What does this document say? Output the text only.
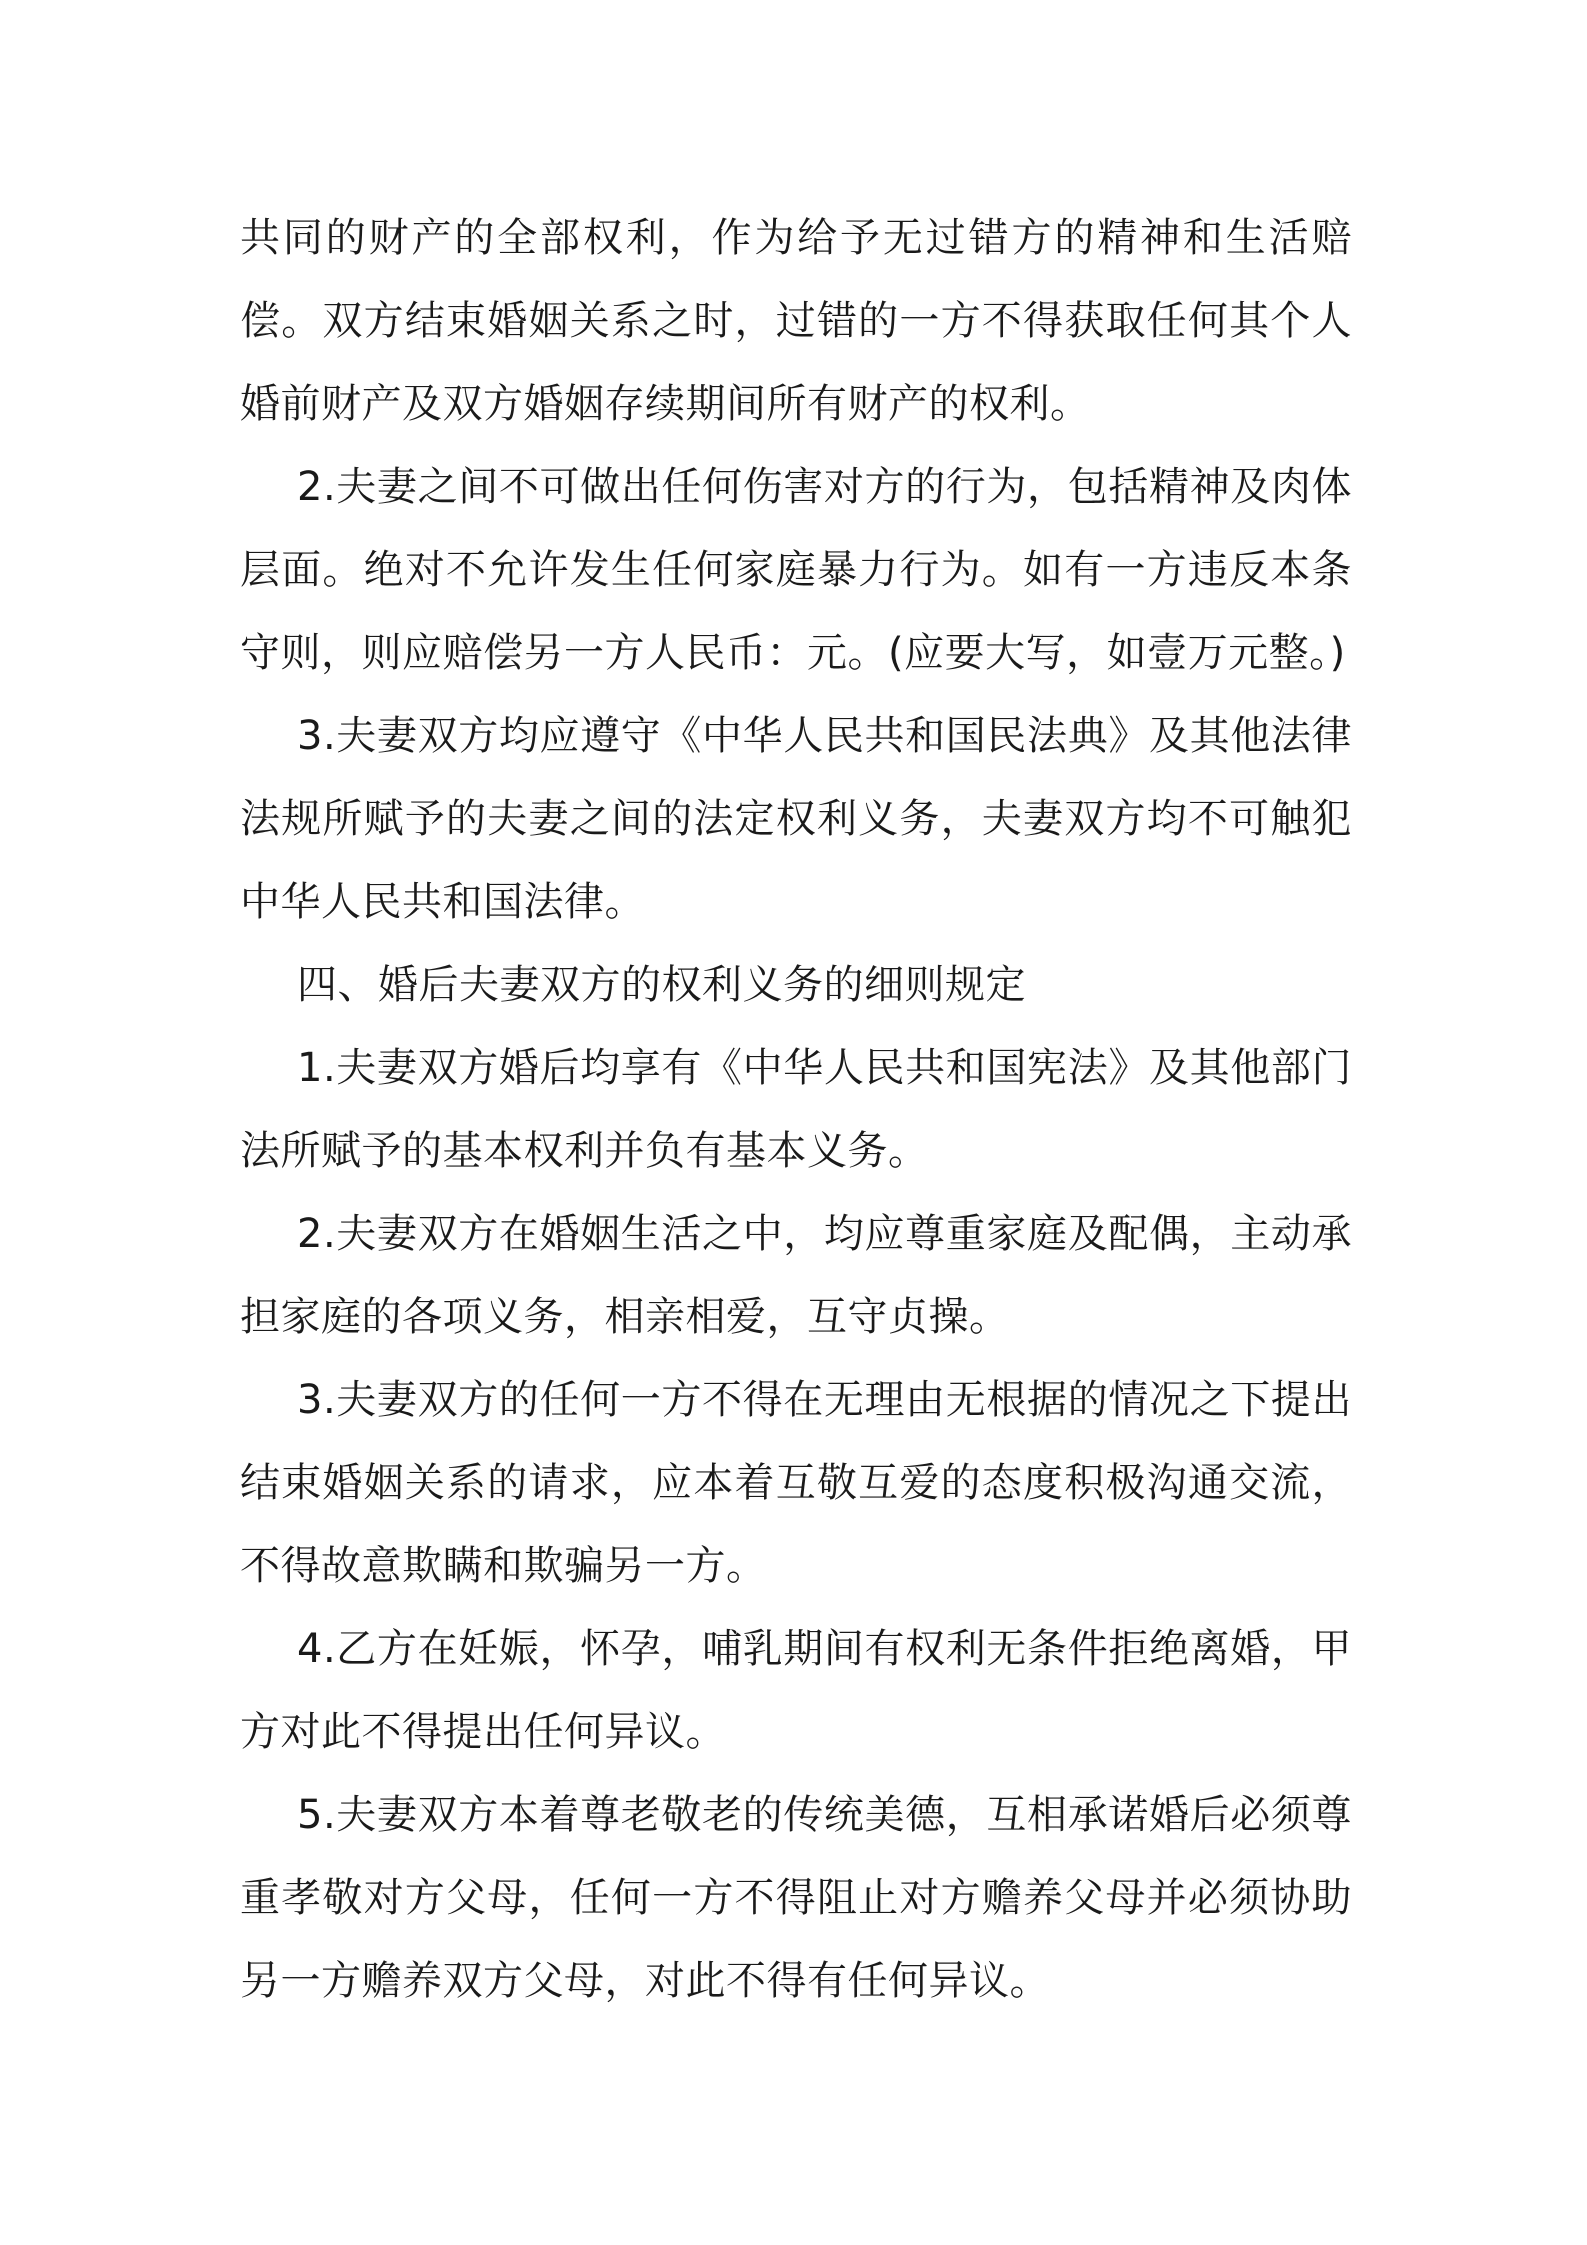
共同的财产的全部权利，作为给予无过错方的精神和生活赔偿。双方结束婚姻关系之时，过错的一方不得获取任何其个人婚前财产及双方婚姻存续期间所有财产的权利。

2.夫妻之间不可做出任何伤害对方的行为，包括精神及肉体层面。绝对不允许发生任何家庭暴力行为。如有一方违反本条守则，则应赔偿另一方人民币：元。(应要大写，如壹万元整。)

3.夫妻双方均应遵守《中华人民共和国民法典》及其他法律法规所赋予的夫妻之间的法定权利义务，夫妻双方均不可触犯中华人民共和国法律。

四、婚后夫妻双方的权利义务的细则规定

1.夫妻双方婚后均享有《中华人民共和国宪法》及其他部门法所赋予的基本权利并负有基本义务。

2.夫妻双方在婚姻生活之中，均应尊重家庭及配偶，主动承担家庭的各项义务，相亲相爱，互守贞操。

3.夫妻双方的任何一方不得在无理由无根据的情况之下提出结束婚姻关系的请求，应本着互敬互爱的态度积极沟通交流，不得故意欺瞒和欺骗另一方。

4.乙方在妊娠，怀孕，哺乳期间有权利无条件拒绝离婚，甲方对此不得提出任何异议。

5.夫妻双方本着尊老敬老的传统美德，互相承诺婚后必须尊重孝敬对方父母，任何一方不得阻止对方赡养父母并必须协助另一方赡养双方父母，对此不得有任何异议。
